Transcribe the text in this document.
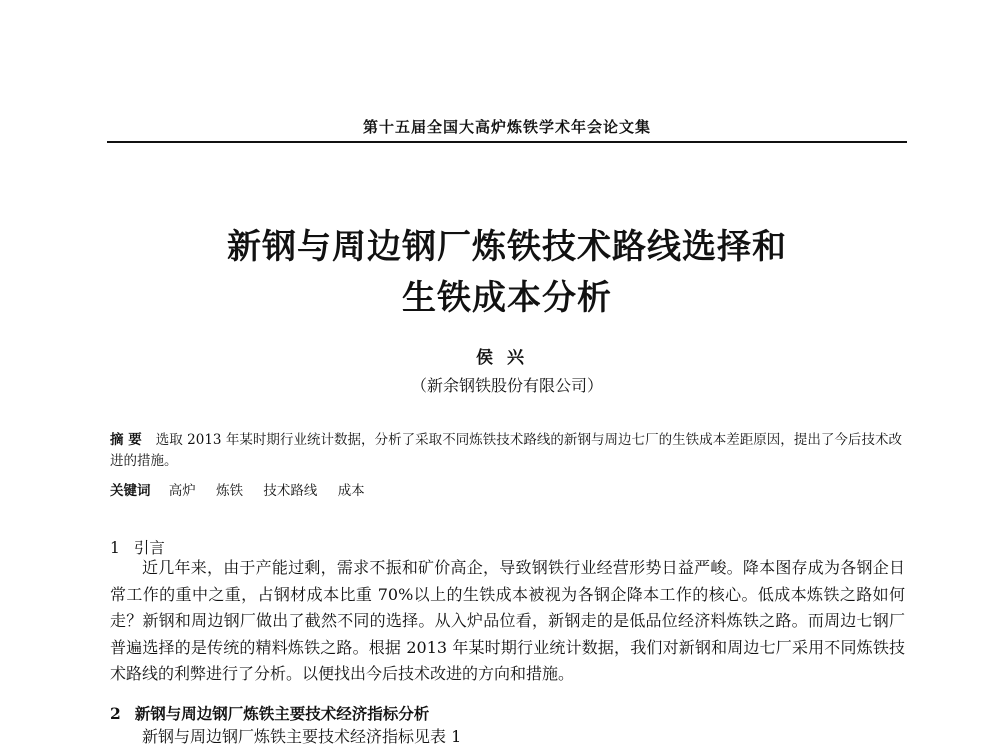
第十五届全国大高炉炼铁学术年会论文集
新钢与周边钢厂炼铁技术路线选择和
生铁成本分析
侯兴
（新余钢铁股份有限公司）
摘 要 选取 2013 年某时期行业统计数据，分析了采取不同炼铁技术路线的新钢与周边七厂的生铁成本差距原因，提出了今后技术改进的措施。
关键词 高炉 炼铁 技术路线 成本
1 引言
近几年来，由于产能过剩，需求不振和矿价高企，导致钢铁行业经营形势日益严峻。降本图存成为各钢企日常工作的重中之重，占钢材成本比重 70%以上的生铁成本被视为各钢企降本工作的核心。低成本炼铁之路如何走？新钢和周边钢厂做出了截然不同的选择。从入炉品位看，新钢走的是低品位经济料炼铁之路。而周边七钢厂普遍选择的是传统的精料炼铁之路。根据 2013 年某时期行业统计数据，我们对新钢和周边七厂采用不同炼铁技术路线的利弊进行了分析。以便找出今后技术改进的方向和措施。
2 新钢与周边钢厂炼铁主要技术经济指标分析
新钢与周边钢厂炼铁主要技术经济指标见表 1
